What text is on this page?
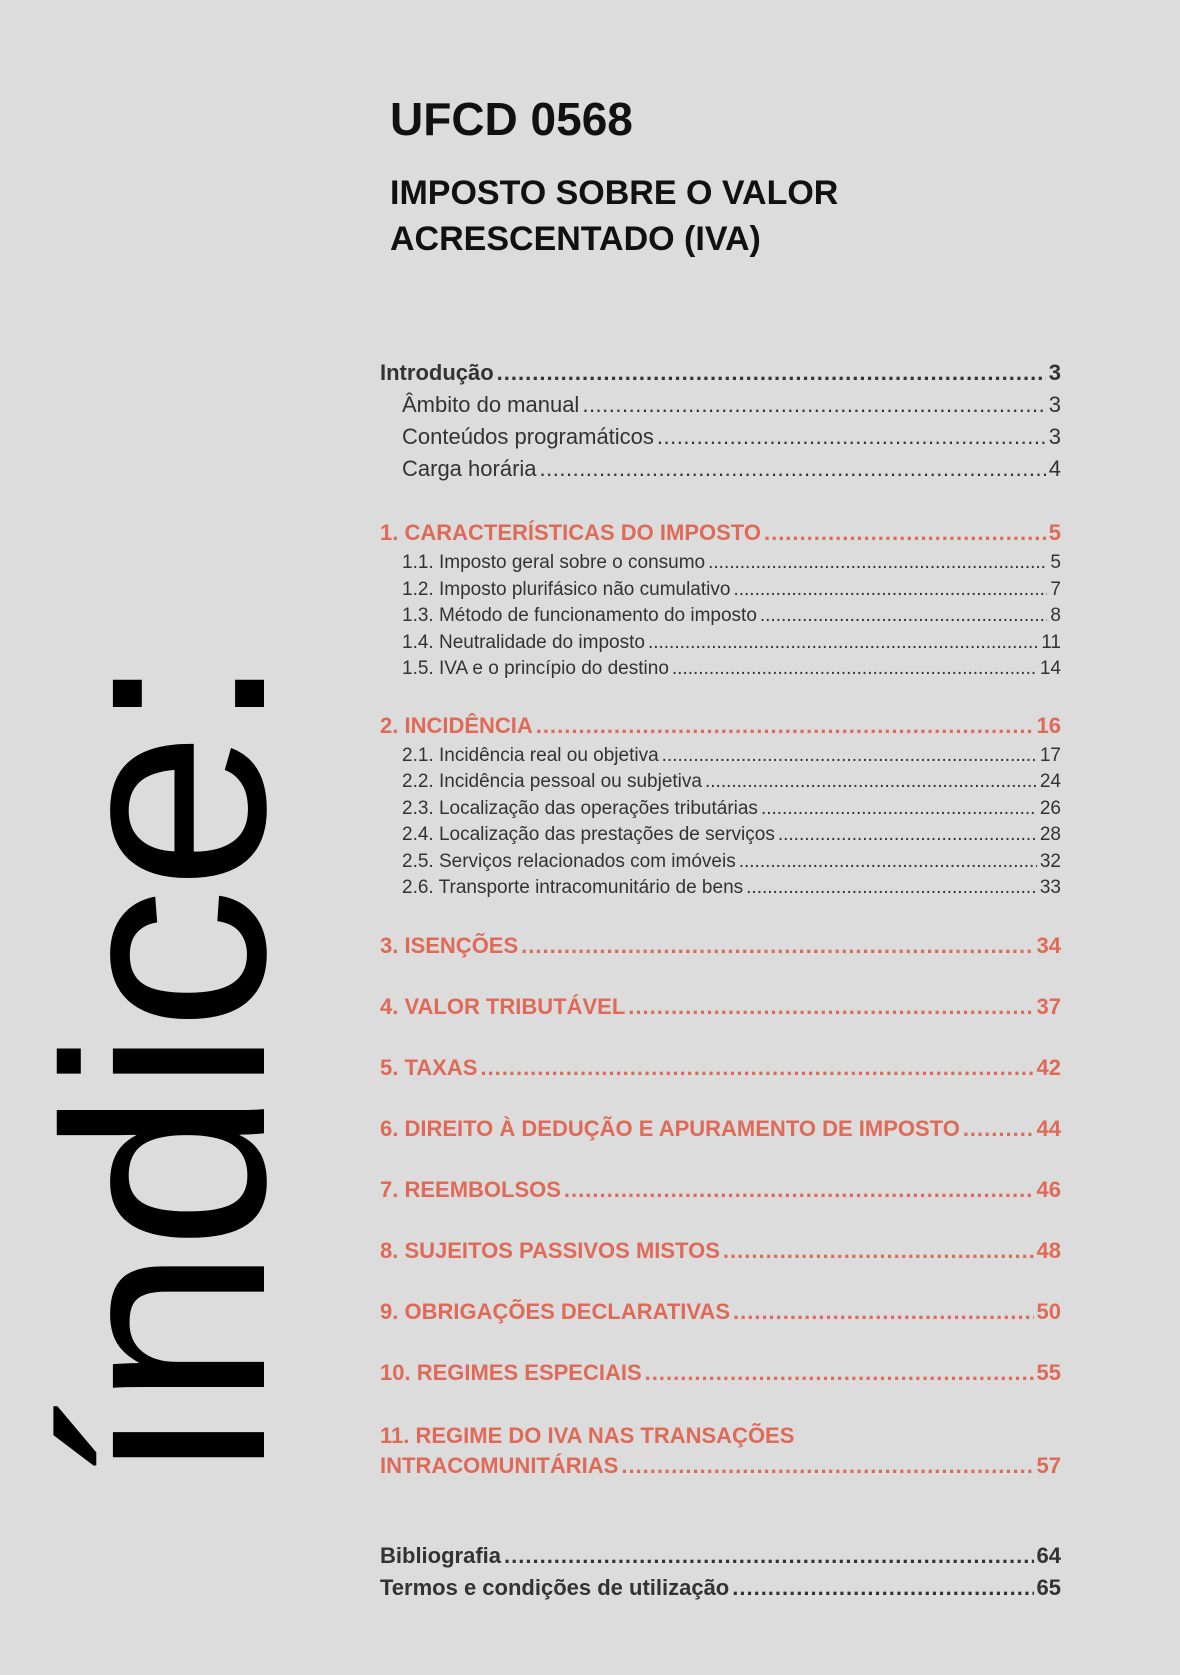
UFCD 0568
IMPOSTO SOBRE O VALOR ACRESCENTADO (IVA)
índice:
Introdução .....	3
Âmbito do manual .....	3
Conteúdos programáticos .....	3
Carga horária .....	4
1. CARACTERÍSTICAS DO IMPOSTO .....	5
1.1. Imposto geral sobre o consumo .....	5
1.2. Imposto plurifásico não cumulativo .....	7
1.3. Método de funcionamento do imposto .....	8
1.4. Neutralidade do imposto .....	11
1.5. IVA e o princípio do destino .....	14
2. INCIDÊNCIA .....	16
2.1. Incidência real ou objetiva .....	17
2.2. Incidência pessoal ou subjetiva .....	24
2.3. Localização das operações tributárias .....	26
2.4. Localização das prestações de serviços .....	28
2.5. Serviços relacionados com imóveis .....	32
2.6. Transporte intracomunitário de bens .....	33
3. ISENÇÕES .....	34
4. VALOR TRIBUTÁVEL .....	37
5. TAXAS .....	42
6. DIREITO À DEDUÇÃO E APURAMENTO DE IMPOSTO .....	44
7. REEMBOLSOS .....	46
8. SUJEITOS PASSIVOS MISTOS .....	48
9. OBRIGAÇÕES DECLARATIVAS .....	50
10. REGIMES ESPECIAIS .....	55
11. REGIME DO IVA NAS TRANSAÇÕES
INTRACOMUNITÁRIAS .....	57
Bibliografia .....	64
Termos e condições de utilização .....	65
